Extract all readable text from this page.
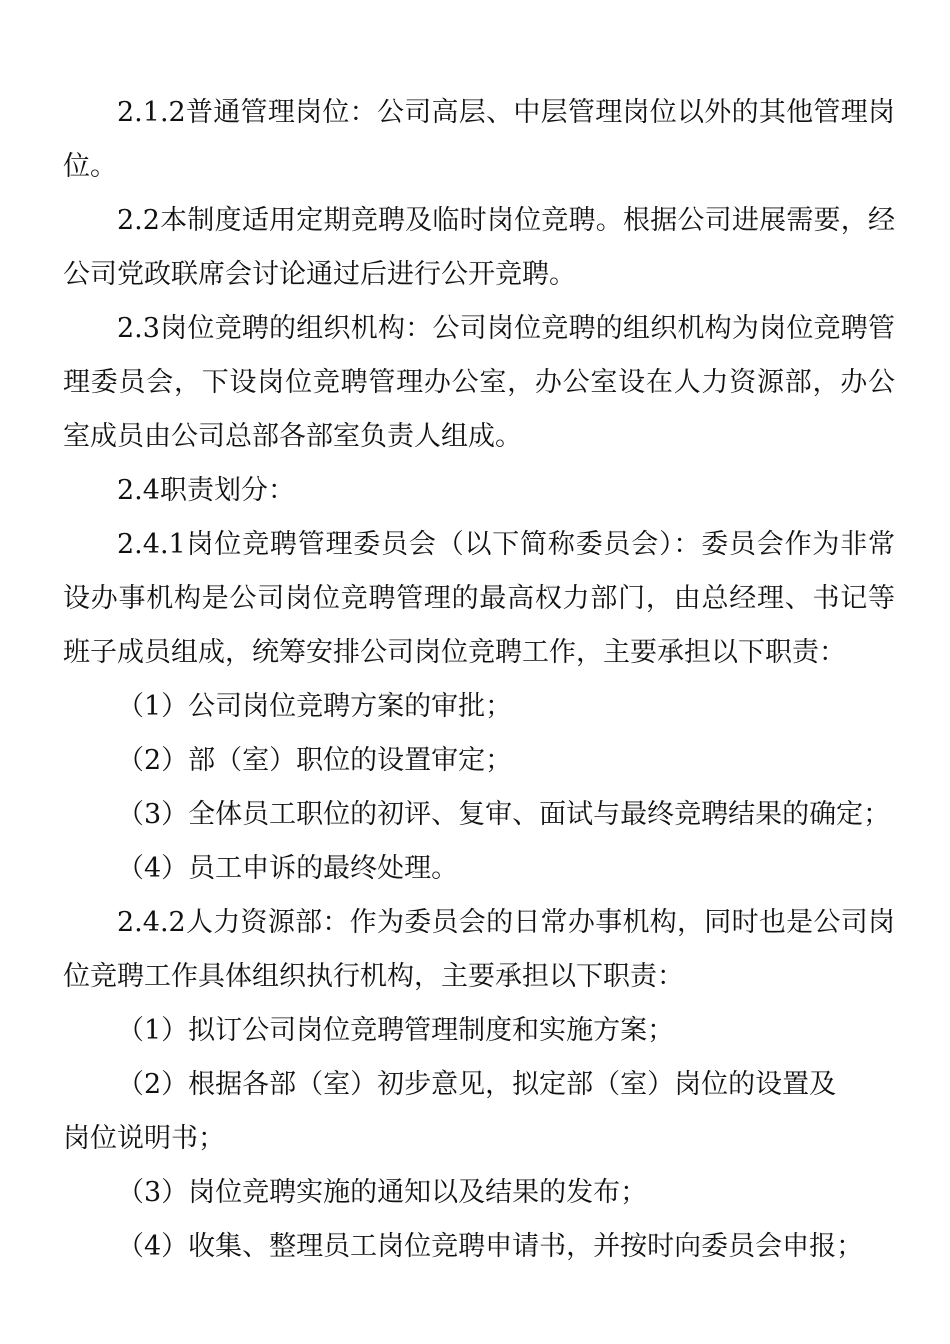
2.1.2普通管理岗位：公司高层、中层管理岗位以外的其他管理岗位。

2.2本制度适用定期竞聘及临时岗位竞聘。根据公司进展需要，经公司党政联席会讨论通过后进行公开竞聘。

2.3岗位竞聘的组织机构：公司岗位竞聘的组织机构为岗位竞聘管理委员会，下设岗位竞聘管理办公室，办公室设在人力资源部，办公室成员由公司总部各部室负责人组成。

2.4职责划分：

2.4.1岗位竞聘管理委员会（以下简称委员会）：委员会作为非常设办事机构是公司岗位竞聘管理的最高权力部门，由总经理、书记等班子成员组成，统筹安排公司岗位竞聘工作，主要承担以下职责：

（1）公司岗位竞聘方案的审批；

（2）部（室）职位的设置审定；

（3）全体员工职位的初评、复审、面试与最终竞聘结果的确定；

（4）员工申诉的最终处理。

2.4.2人力资源部：作为委员会的日常办事机构，同时也是公司岗位竞聘工作具体组织执行机构，主要承担以下职责：

（1）拟订公司岗位竞聘管理制度和实施方案；

（2）根据各部（室）初步意见，拟定部（室）岗位的设置及

岗位说明书；

（3）岗位竞聘实施的通知以及结果的发布；

（4）收集、整理员工岗位竞聘申请书，并按时向委员会申报；
